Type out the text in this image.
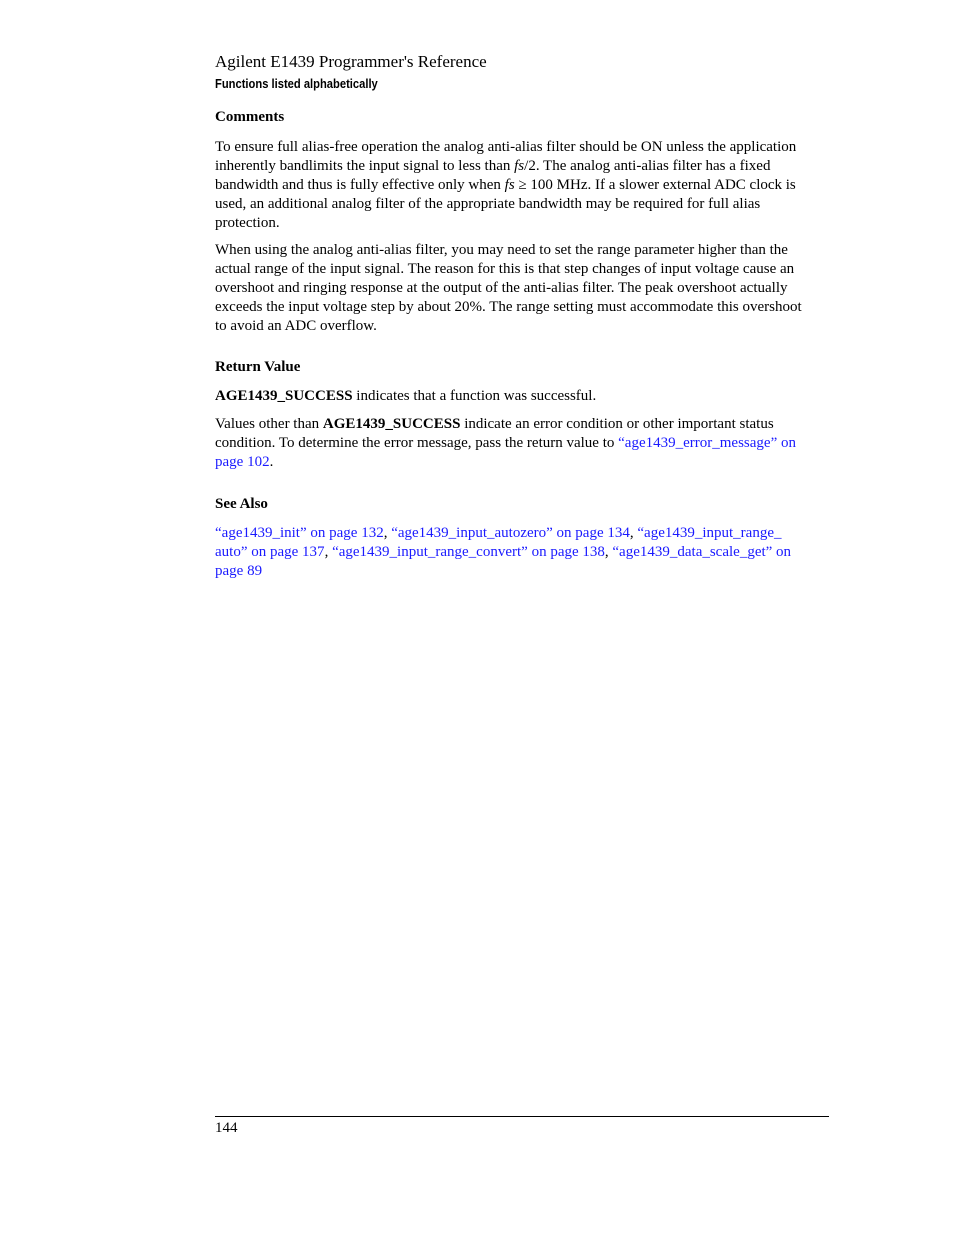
Agilent E1439 Programmer's Reference
Functions listed alphabetically
Comments
To ensure full alias-free operation the analog anti-alias filter should be ON unless the application
inherently bandlimits the input signal to less than fs/2. The analog anti-alias filter has a fixed
bandwidth and thus is fully effective only when fs ≥ 100 MHz. If a slower external ADC clock is
used, an additional analog filter of the appropriate bandwidth may be required for full alias
protection.
When using the analog anti-alias filter, you may need to set the range parameter higher than the
actual range of the input signal. The reason for this is that step changes of input voltage cause an
overshoot and ringing response at the output of the anti-alias filter. The peak overshoot actually
exceeds the input voltage step by about 20%. The range setting must accommodate this overshoot
to avoid an ADC overflow.
Return Value
AGE1439_SUCCESS indicates that a function was successful.
Values other than AGE1439_SUCCESS indicate an error condition or other important status
condition. To determine the error message, pass the return value to “age1439_error_message” on
page 102.
See Also
“age1439_init” on page 132, “age1439_input_autozero” on page 134, “age1439_input_range_
auto” on page 137, “age1439_input_range_convert” on page 138, “age1439_data_scale_get” on
page 89
144
